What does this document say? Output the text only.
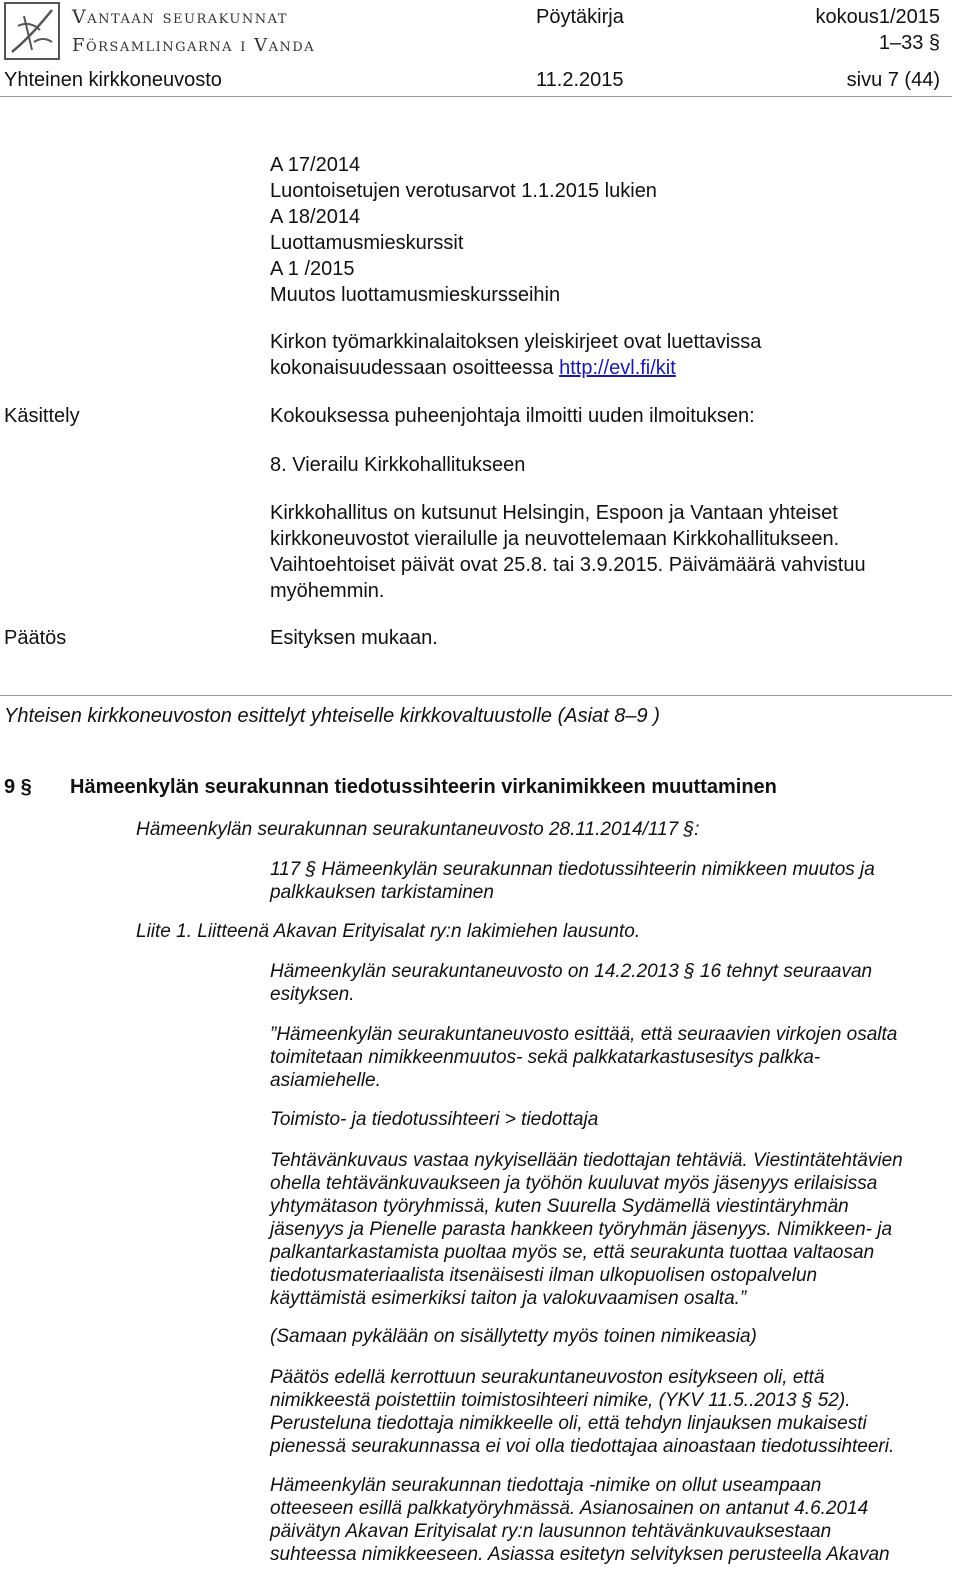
Vantaan seurakunnat
Församlingarna i Vanda
Pöytäkirja	kokous1/2015
1–33 §
Yhteinen kirkkoneuvosto	11.2.2015	sivu 7 (44)
A 17/2014
Luontoisetujen verotusarvot 1.1.2015 lukien
A 18/2014
Luottamusmieskurssit
A 1 /2015
Muutos luottamusmieskursseihin
Kirkon työmarkkinalaitoksen yleiskirjeet ovat luettavissa
kokonaisuudessaan osoitteessa http://evl.fi/kit
Käsittely	Kokouksessa puheenjohtaja ilmoitti uuden ilmoituksen:
8. Vierailu Kirkkohallitukseen
Kirkkohallitus on kutsunut Helsingin, Espoon ja Vantaan yhteiset
kirkkoneuvostot vierailulle ja neuvottelemaan Kirkkohallitukseen.
Vaihtoehtoiset päivät ovat 25.8. tai 3.9.2015. Päivämäärä vahvistuu
myöhemmin.
Päätös	Esityksen mukaan.
Yhteisen kirkkoneuvoston esittelyt yhteiselle kirkkovaltuustolle (Asiat 8–9 )
9 § Hämeenkylän seurakunnan tiedotussihteerin virkanimikkeen muuttaminen
Hämeenkylän seurakunnan seurakuntaneuvosto 28.11.2014/117 §:
117 § Hämeenkylän seurakunnan tiedotussihteerin nimikkeen muutos ja
palkkauksen tarkistaminen
Liite 1. Liitteenä Akavan Erityisalat ry:n lakimiehen lausunto.
Hämeenkylän seurakuntaneuvosto on 14.2.2013 § 16 tehnyt seuraavan
esityksen.
”Hämeenkylän seurakuntaneuvosto esittää, että seuraavien virkojen osalta
toimitetaan nimikkeenmuutos- sekä palkkatarkastusesitys palkka-
asiamiehelle.
Toimisto- ja tiedotussihteeri > tiedottaja
Tehtävänkuvaus vastaa nykyisellään tiedottajan tehtäviä. Viestintätehtävien
ohella tehtävänkuvaukseen ja työhön kuuluvat myös jäsenyys erilaisissa
yhtymätason työryhmissä, kuten Suurella Sydämellä viestintäryhmän
jäsenyys ja Pienelle parasta hankkeen työryhmän jäsenyys. Nimikkeen- ja
palkantarkastamista puoltaa myös se, että seurakunta tuottaa valtaosan
tiedotusmateriaalista itsenäisesti ilman ulkopuolisen ostopalvelun
käyttämistä esimerkiksi taiton ja valokuvaamisen osalta.”
(Samaan pykälään on sisällytetty myös toinen nimikeasia)
Päätös edellä kerrottuun seurakuntaneuvoston esitykseen oli, että
nimikkeestä poistettiin toimistosihteeri nimike, (YKV 11.5..2013 § 52).
Perusteluna tiedottaja nimikkeelle oli, että tehdyn linjauksen mukaisesti
pienessä seurakunnassa ei voi olla tiedottajaa ainoastaan tiedotussihteeri.
Hämeenkylän seurakunnan tiedottaja -nimike on ollut useampaan
otteeseen esillä palkkatyöryhmässä. Asianosainen on antanut 4.6.2014
päivätyn Akavan Erityisalat ry:n lausunnon tehtävänkuvauksestaan
suhteessa nimikkeeseen. Asiassa esitetyn selvityksen perusteella Akavan
